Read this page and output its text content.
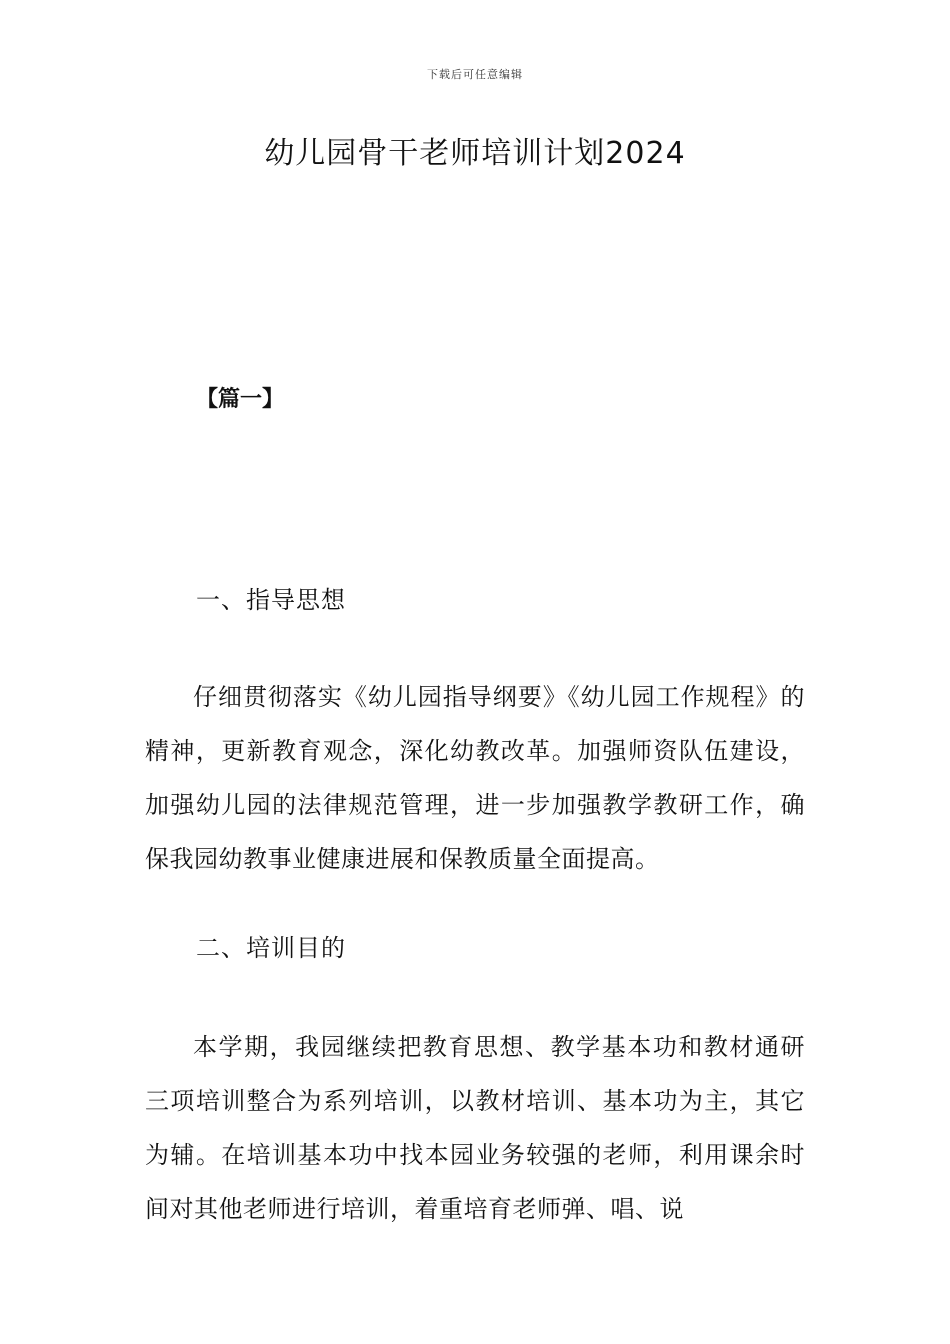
下载后可任意编辑
幼儿园骨干老师培训计划2024
【篇一】
一、指导思想

仔细贯彻落实《幼儿园指导纲要》《幼儿园工作规程》的精神，更新教育观念，深化幼教改革。加强师资队伍建设，加强幼儿园的法律规范管理，进一步加强教学教研工作，确保我园幼教事业健康进展和保教质量全面提高。

二、培训目的

本学期，我园继续把教育思想、教学基本功和教材通研三项培训整合为系列培训，以教材培训、基本功为主，其它为辅。在培训基本功中找本园业务较强的老师，利用课余时间对其他老师进行培训，着重培育老师弹、唱、说
